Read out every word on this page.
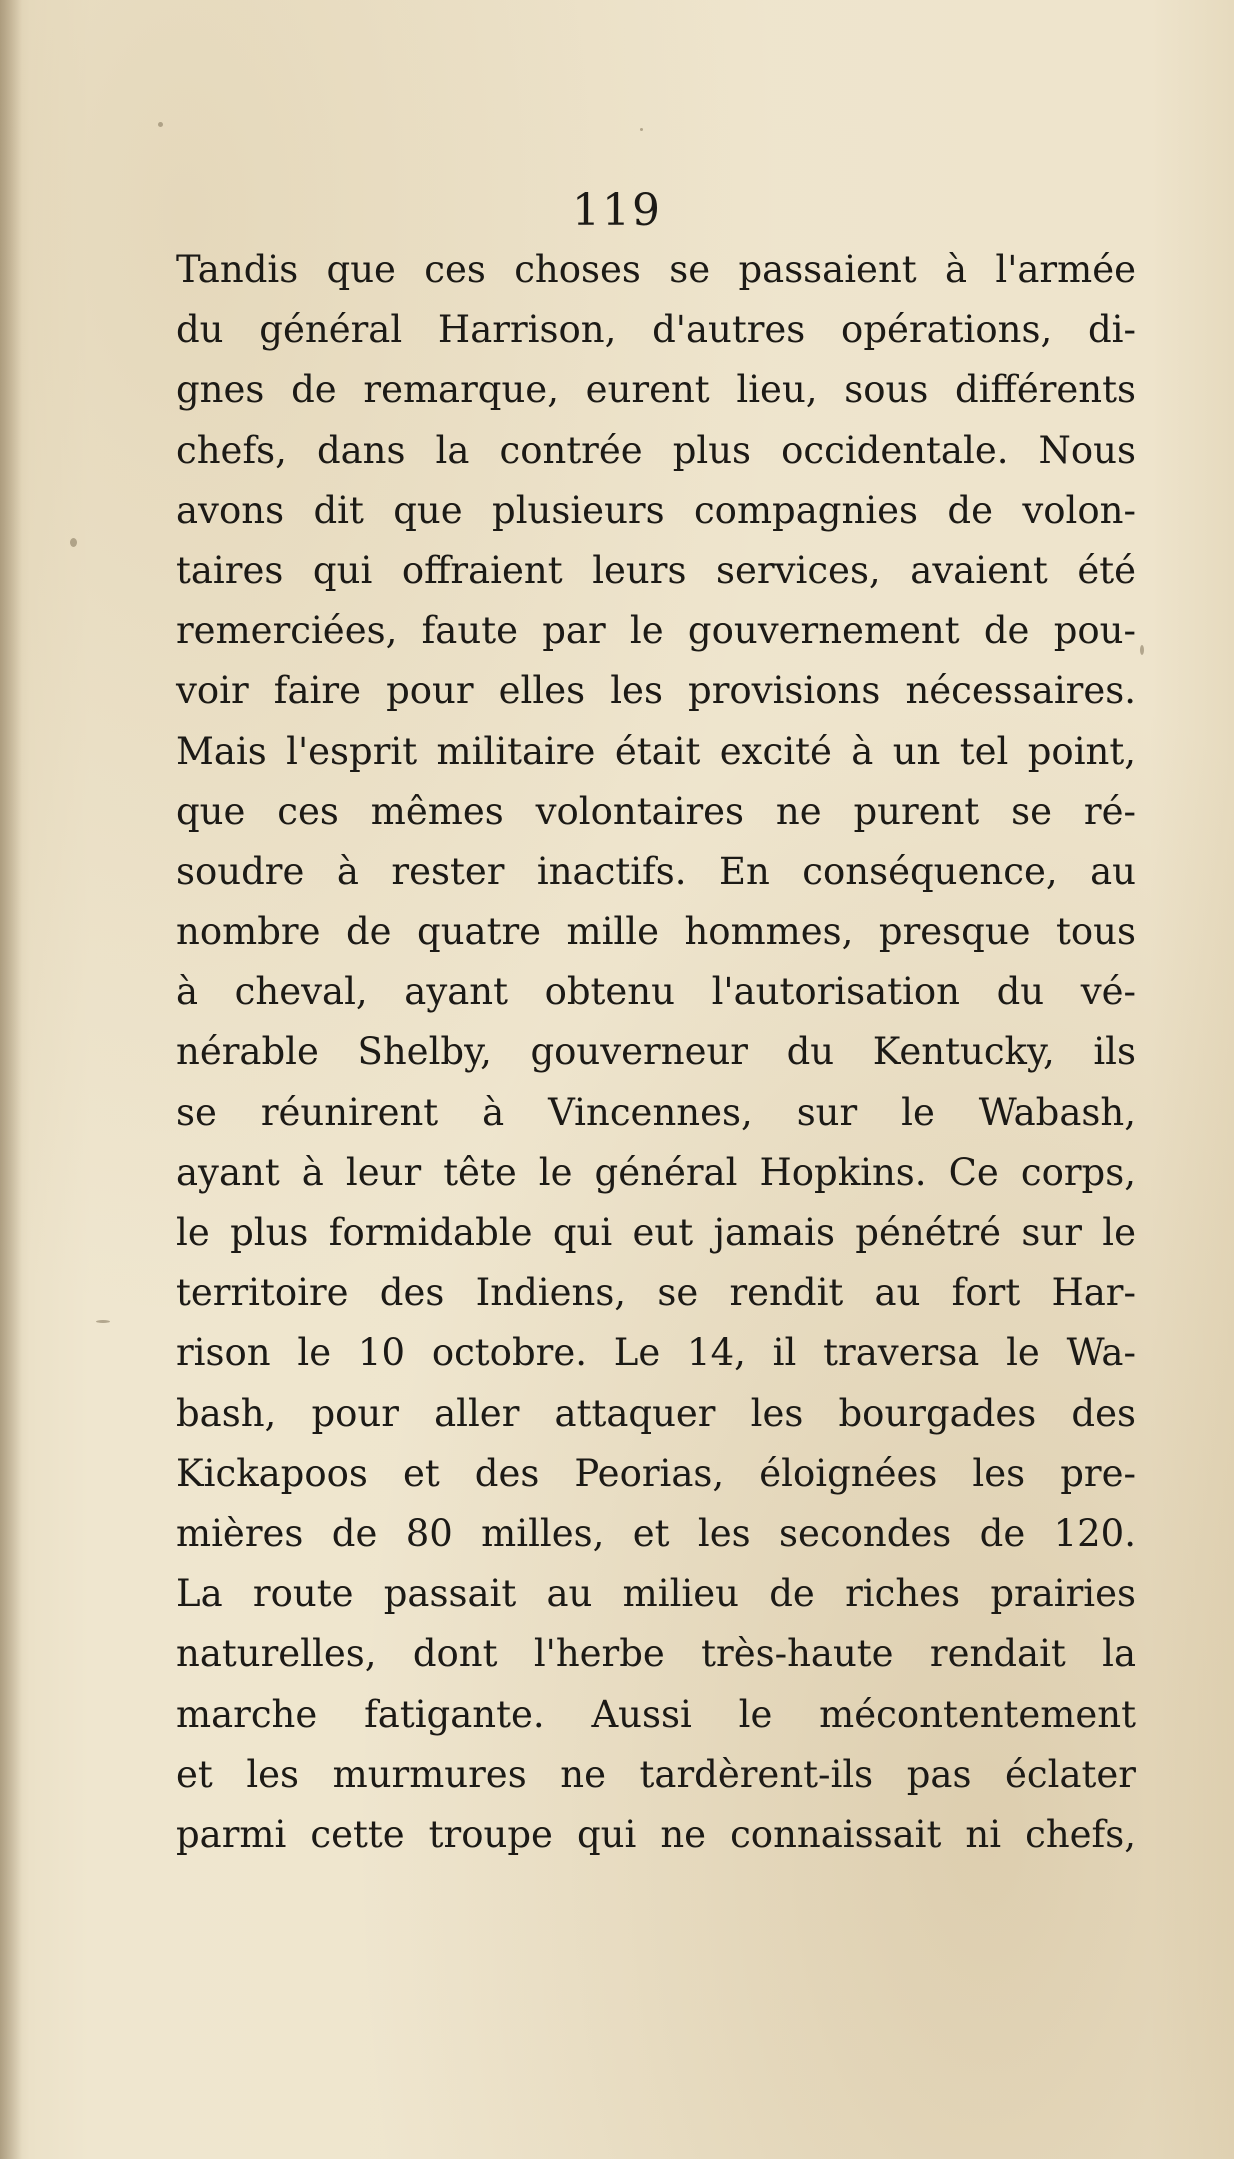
119
Tandis que ces choses se passaient à l'armée
du général Harrison, d'autres opérations, di-
gnes de remarque, eurent lieu, sous différents
chefs, dans la contrée plus occidentale. Nous
avons dit que plusieurs compagnies de volon-
taires qui offraient leurs services, avaient été
remerciées, faute par le gouvernement de pou-
voir faire pour elles les provisions nécessaires.
Mais l'esprit militaire était excité à un tel point,
que ces mêmes volontaires ne purent se ré-
soudre à rester inactifs. En conséquence, au
nombre de quatre mille hommes, presque tous
à cheval, ayant obtenu l'autorisation du vé-
nérable Shelby, gouverneur du Kentucky, ils
se réunirent à Vincennes, sur le Wabash,
ayant à leur tête le général Hopkins. Ce corps,
le plus formidable qui eut jamais pénétré sur le
territoire des Indiens, se rendit au fort Har-
rison le 10 octobre. Le 14, il traversa le Wa-
bash, pour aller attaquer les bourgades des
Kickapoos et des Peorias, éloignées les pre-
mières de 80 milles, et les secondes de 120.
La route passait au milieu de riches prairies
naturelles, dont l'herbe très-haute rendait la
marche fatigante. Aussi le mécontentement
et les murmures ne tardèrent-ils pas éclater
parmi cette troupe qui ne connaissait ni chefs,
